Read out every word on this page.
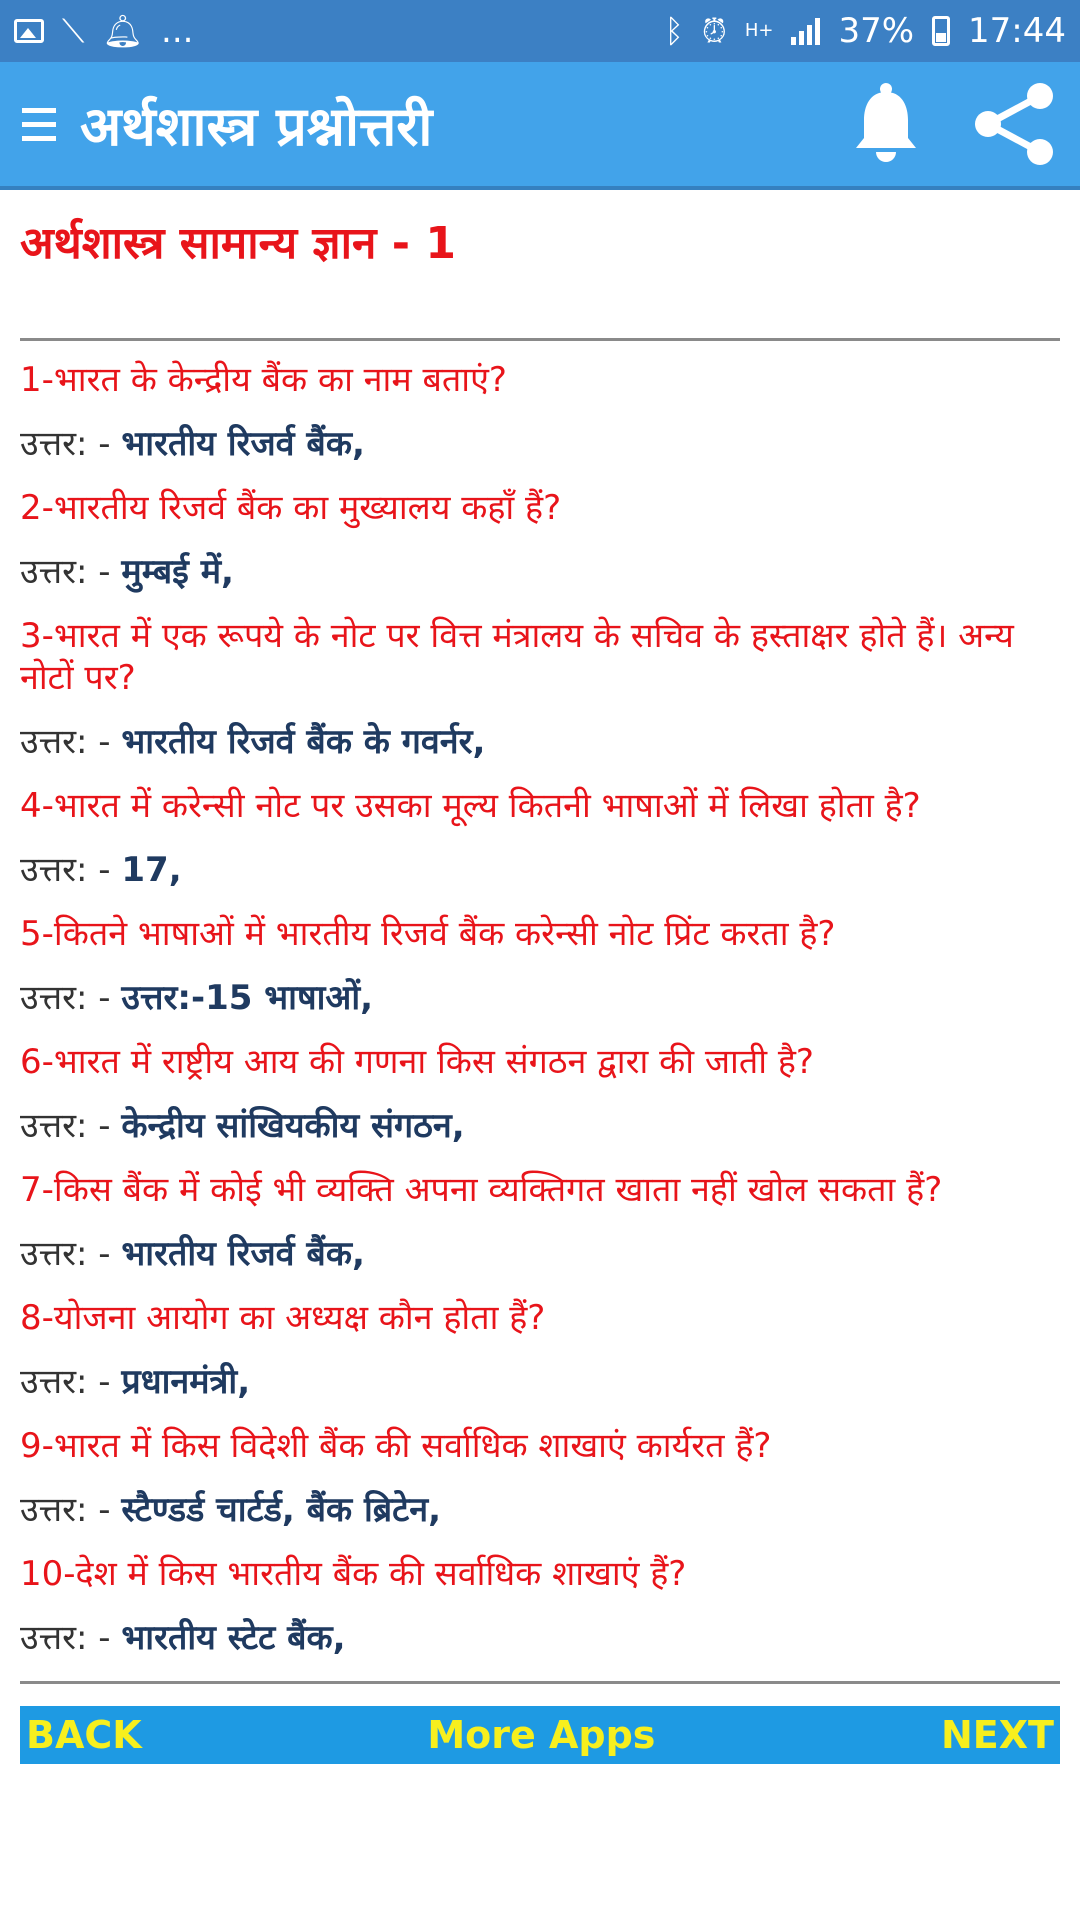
⟍ 🔔︎ ...	ᛒ ⏰︎ H+ 37% 17:44
अर्थशास्त्र प्रश्नोत्तरी
अर्थशास्त्र सामान्य ज्ञान - 1
1-भारत के केन्द्रीय बैंक का नाम बताएं?
उत्तर: - भारतीय रिजर्व बैंक,
2-भारतीय रिजर्व बैंक का मुख्यालय कहाँ हैं?
उत्तर: - मुम्बई में,
3-भारत में एक रूपये के नोट पर वित्त मंत्रालय के सचिव के हस्ताक्षर होते हैं। अन्य नोटों पर?
उत्तर: - भारतीय रिजर्व बैंक के गवर्नर,
4-भारत में करेन्सी नोट पर उसका मूल्य कितनी भाषाओं में लिखा होता है?
उत्तर: - 17,
5-कितने भाषाओं में भारतीय रिजर्व बैंक करेन्सी नोट प्रिंट करता है?
उत्तर: - उत्तर:-15 भाषाओं,
6-भारत में राष्ट्रीय आय की गणना किस संगठन द्वारा की जाती है?
उत्तर: - केन्द्रीय सांखियकीय संगठन,
7-किस बैंक में कोई भी व्यक्ति अपना व्यक्तिगत खाता नहीं खोल सकता हैं?
उत्तर: - भारतीय रिजर्व बैंक,
8-योजना आयोग का अध्यक्ष कौन होता हैं?
उत्तर: - प्रधानमंत्री,
9-भारत में किस विदेशी बैंक की सर्वाधिक शाखाएं कार्यरत हैं?
उत्तर: - स्टैण्डर्ड चार्टर्ड, बैंक ब्रिटेन,
10-देश में किस भारतीय बैंक की सर्वाधिक शाखाएं हैं?
उत्तर: - भारतीय स्टेट बैंक,
BACK	More Apps	NEXT
